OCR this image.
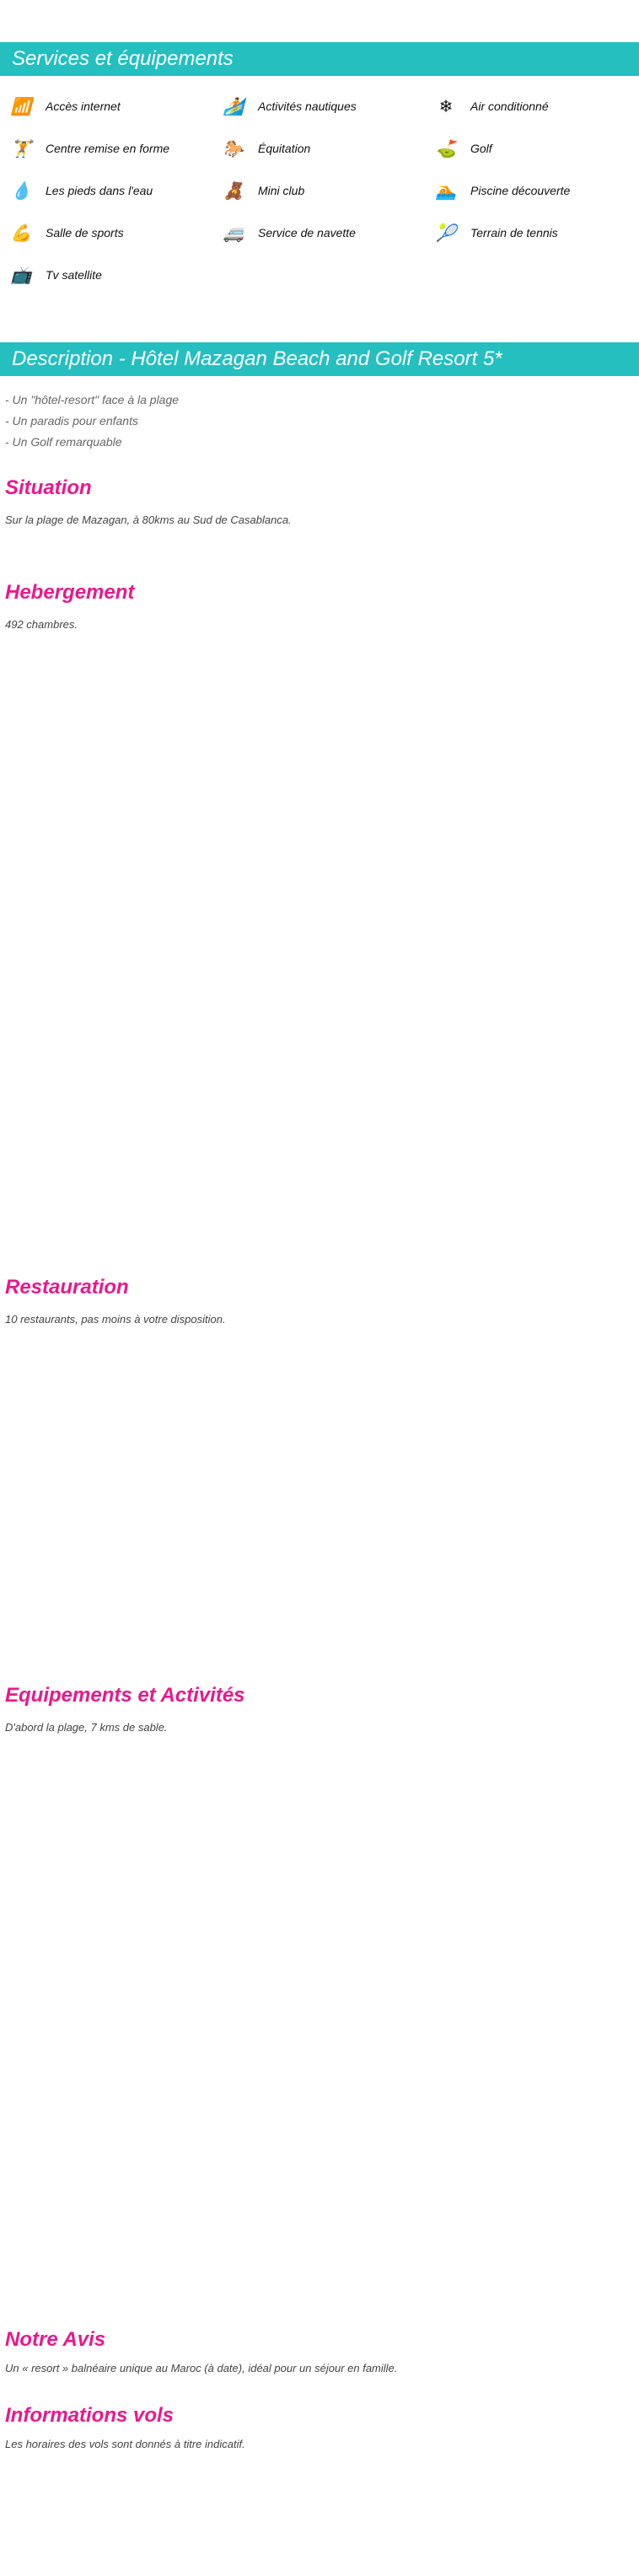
Services et équipements
📶 Accès internet	🏄 Activités nautiques	❄	Air conditionné
🏋 Centre remise en forme	🐎 Équitation	⛳ Golf
💧 Les pieds dans l'eau	🧸 Mini club	🏊 Piscine découverte
💪 Salle de sports	🚐 Service de navette	🎾 Terrain de tennis
📺 Tv satellite
Description - Hôtel Mazagan Beach and Golf Resort 5*
- Un "hôtel-resort" face à la plage
- Un paradis pour enfants
- Un Golf remarquable
Situation
Sur la plage de Mazagan, à 80kms au Sud de Casablanca.
Hebergement
492 chambres.
Restauration
10 restaurants, pas moins à votre disposition.
Equipements et Activités
D'abord la plage, 7 kms de sable.
Notre Avis
Un « resort » balnéaire unique au Maroc (à date), idéal pour un séjour en famille.
Informations vols
Les horaires des vols sont donnés à titre indicatif.
